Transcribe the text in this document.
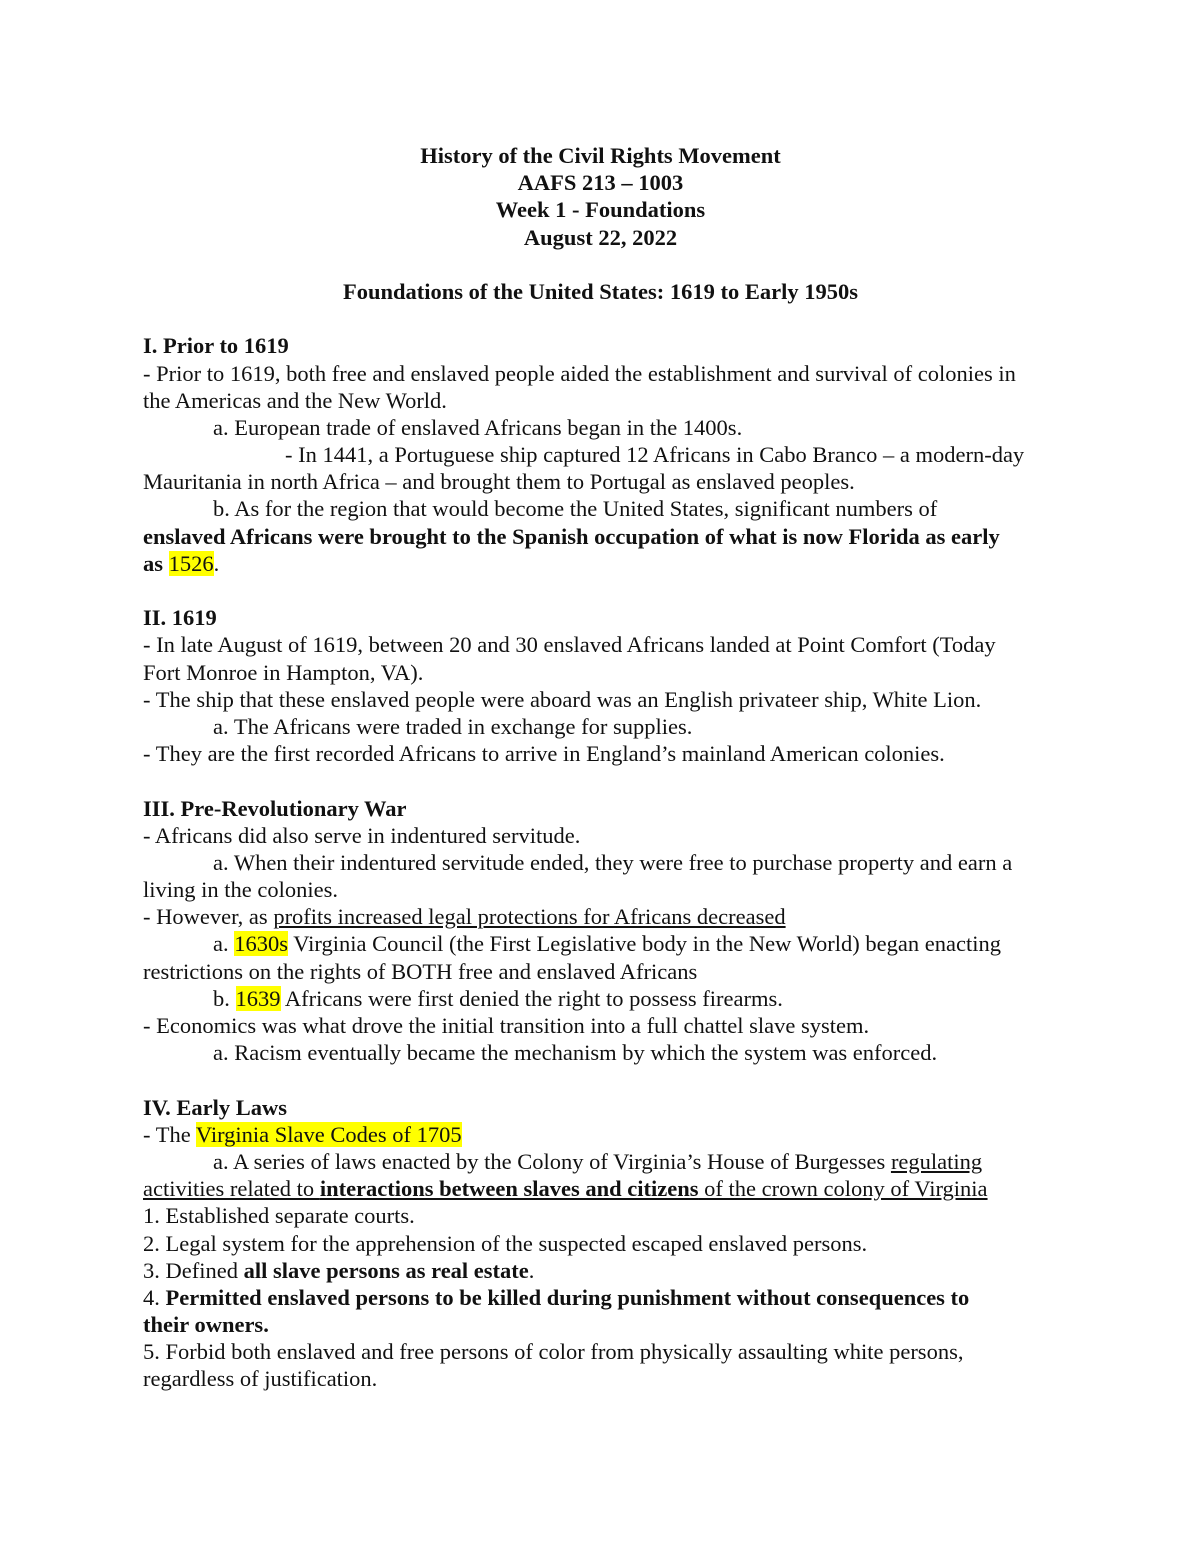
History of the Civil Rights Movement
AAFS 213 – 1003
Week 1 - Foundations
August 22, 2022
Foundations of the United States: 1619 to Early 1950s
I. Prior to 1619
- Prior to 1619, both free and enslaved people aided the establishment and survival of colonies in
the Americas and the New World.
a. European trade of enslaved Africans began in the 1400s.
- In 1441, a Portuguese ship captured 12 Africans in Cabo Branco – a modern-day
Mauritania in north Africa – and brought them to Portugal as enslaved peoples.
b. As for the region that would become the United States, significant numbers of
enslaved Africans were brought to the Spanish occupation of what is now Florida as early
as 1526.
II. 1619
- In late August of 1619, between 20 and 30 enslaved Africans landed at Point Comfort (Today
Fort Monroe in Hampton, VA).
- The ship that these enslaved people were aboard was an English privateer ship, White Lion.
a. The Africans were traded in exchange for supplies.
- They are the first recorded Africans to arrive in England’s mainland American colonies.
III. Pre-Revolutionary War
- Africans did also serve in indentured servitude.
a. When their indentured servitude ended, they were free to purchase property and earn a
living in the colonies.
- However, as profits increased legal protections for Africans decreased
a. 1630s Virginia Council (the First Legislative body in the New World) began enacting
restrictions on the rights of BOTH free and enslaved Africans
b. 1639 Africans were first denied the right to possess firearms.
- Economics was what drove the initial transition into a full chattel slave system.
a. Racism eventually became the mechanism by which the system was enforced.
IV. Early Laws
- The Virginia Slave Codes of 1705
a. A series of laws enacted by the Colony of Virginia’s House of Burgesses regulating
activities related to interactions between slaves and citizens of the crown colony of Virginia
1. Established separate courts.
2. Legal system for the apprehension of the suspected escaped enslaved persons.
3. Defined all slave persons as real estate.
4. Permitted enslaved persons to be killed during punishment without consequences to
their owners.
5. Forbid both enslaved and free persons of color from physically assaulting white persons,
regardless of justification.
